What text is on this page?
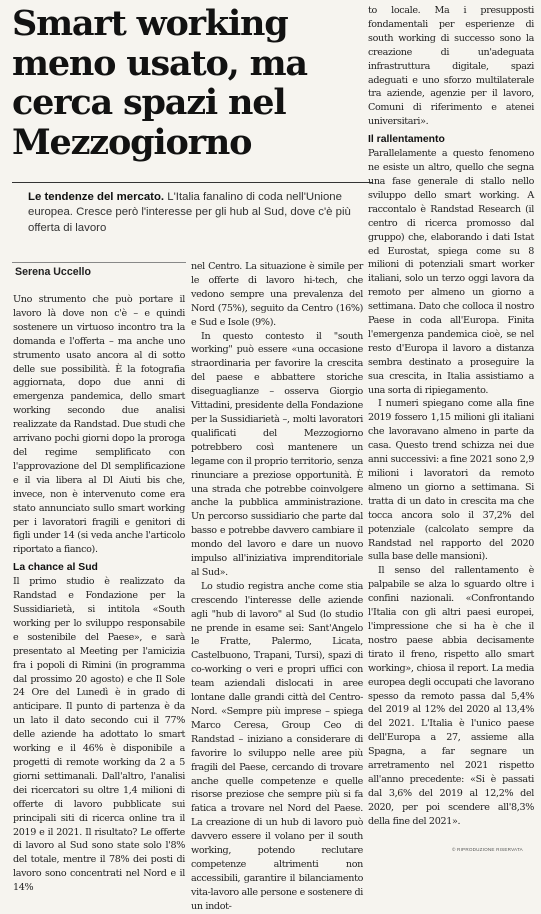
Smart working meno usato, ma cerca spazi nel Mezzogiorno
Le tendenze del mercato. L'Italia fanalino di coda nell'Unione europea. Cresce però l'interesse per gli hub al Sud, dove c'è più offerta di lavoro
Serena Uccello

Uno strumento che può portare il lavoro là dove non c'è – e quindi sostenere un virtuoso incontro tra la domanda e l'offerta – ma anche uno strumento usato ancora al di sotto delle sue possibilità. È la fotografia aggiornata, dopo due anni di emergenza pandemica, dello smart working secondo due analisi realizzate da Randstad. Due studi che arrivano pochi giorni dopo la proroga del regime semplificato con l'approvazione del Dl semplificazione e il via libera al Dl Aiuti bis che, invece, non è intervenuto come era stato annunciato sullo smart working per i lavoratori fragili e genitori di figli under 14 (si veda anche l'articolo riportato a fianco).

La chance al Sud

Il primo studio è realizzato da Randstad e Fondazione per la Sussidiarietà, si intitola «South working per lo sviluppo responsabile e sostenibile del Paese», e sarà presentato al Meeting per l'amicizia fra i popoli di Rimini (in programma dal prossimo 20 agosto) e che Il Sole 24 Ore del Lunedì è in grado di anticipare. Il punto di partenza è da un lato il dato secondo cui il 77% delle aziende ha adottato lo smart working e il 46% è disponibile a progetti di remote working da 2 a 5 giorni settimanali. Dall'altro, l'analisi dei ricercatori su oltre 1,4 milioni di offerte di lavoro pubblicate sui principali siti di ricerca online tra il 2019 e il 2021. Il risultato? Le offerte di lavoro al Sud sono state solo l'8% del totale, mentre il 78% dei posti di lavoro sono concentrati nel Nord e il 14%

nel Centro. La situazione è simile per le offerte di lavoro hi-tech, che vedono sempre una prevalenza del Nord (75%), seguito da Centro (16%) e Sud e Isole (9%).

In questo contesto il "south working" può essere «una occasione straordinaria per favorire la crescita del paese e abbattere storiche diseguaglianze – osserva Giorgio Vittadini, presidente della Fondazione per la Sussidiarietà –, molti lavoratori qualificati del Mezzogiorno potrebbero così mantenere un legame con il proprio territorio, senza rinunciare a preziose opportunità. È una strada che potrebbe coinvolgere anche la pubblica amministrazione. Un percorso sussidiario che parte dal basso e potrebbe davvero cambiare il mondo del lavoro e dare un nuovo impulso all'iniziativa imprenditoriale al Sud».

Lo studio registra anche come stia crescendo l'interesse delle aziende agli "hub di lavoro" al Sud (lo studio ne prende in esame sei: Sant'Angelo le Fratte, Palermo, Licata, Castelbuono, Trapani, Tursi), spazi di co-working o veri e propri uffici con team aziendali dislocati in aree lontane dalle grandi città del Centro-Nord. «Sempre più imprese – spiega Marco Ceresa, Group Ceo di Randstad – iniziano a considerare di favorire lo sviluppo nelle aree più fragili del Paese, cercando di trovare anche quelle competenze e quelle risorse preziose che sempre più si fa fatica a trovare nel Nord del Paese. La creazione di un hub di lavoro può davvero essere il volano per il south working, potendo reclutare competenze altrimenti non accessibili, garantire il bilanciamento vita-lavoro alle persone e sostenere di un indot-

to locale. Ma i presupposti fondamentali per esperienze di south working di successo sono la creazione di un'adeguata infrastruttura digitale, spazi adeguati e uno sforzo multilaterale tra aziende, agenzie per il lavoro, Comuni di riferimento e atenei universitari».

Il rallentamento

Parallelamente a questo fenomeno ne esiste un altro, quello che segna una fase generale di stallo nello sviluppo dello smart working. A raccontalo è Randstad Research (il centro di ricerca promosso dal gruppo) che, elaborando i dati Istat ed Eurostat, spiega come su 8 milioni di potenziali smart worker italiani, solo un terzo oggi lavora da remoto per almeno un giorno a settimana. Dato che colloca il nostro Paese in coda all'Europa. Finita l'emergenza pandemica cioè, se nel resto d'Europa il lavoro a distanza sembra destinato a proseguire la sua crescita, in Italia assistiamo a una sorta di ripiegamento.

I numeri spiegano come alla fine 2019 fossero 1,15 milioni gli italiani che lavoravano almeno in parte da casa. Questo trend schizza nei due anni successivi: a fine 2021 sono 2,9 milioni i lavoratori da remoto almeno un giorno a settimana. Si tratta di un dato in crescita ma che tocca ancora solo il 37,2% del potenziale (calcolato sempre da Randstad nel rapporto del 2020 sulla base delle mansioni).

Il senso del rallentamento è palpabile se alza lo sguardo oltre i confini nazionali. «Confrontando l'Italia con gli altri paesi europei, l'impressione che si ha è che il nostro paese abbia decisamente tirato il freno, rispetto allo smart working», chiosa il report. La media europea degli occupati che lavorano spesso da remoto passa dal 5,4% del 2019 al 12% del 2020 al 13,4% del 2021. L'Italia è l'unico paese dell'Europa a 27, assieme alla Spagna, a far segnare un arretramento nel 2021 rispetto all'anno precedente: «Si è passati dal 3,6% del 2019 al 12,2% del 2020, per poi scendere all'8,3% della fine del 2021».

© RIPRODUZIONE RISERVATA
